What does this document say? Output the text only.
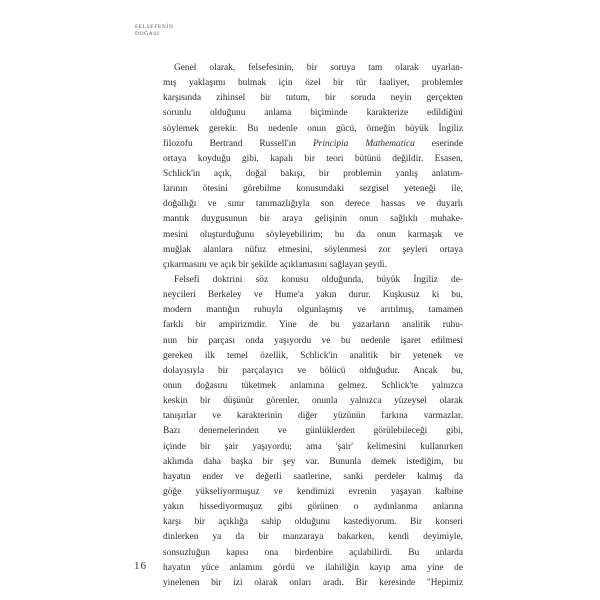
FELSEFENİN
DOĞASI

Genel olarak, felsefesinin, bir soruya tam olarak uyarlan-
mış yaklaşımı bulmak için özel bir tür faaliyet, problemler
karşısında zihinsel bir tutum, bir soruda neyin gerçekten
sorunlu olduğunu anlama biçiminde karakterize edildiğini
söylemek gerekir. Bu nedenle onun gücü, örneğin büyük İngiliz
filozofu Bertrand Russell'ın Principia Mathematica eserinde
ortaya koyduğu gibi, kapalı bir teori bütünü değildir. Esasen,
Schlick'in açık, doğal bakışı, bir problemin yanlış anlatım-
larının ötesini görebilme konusundaki sezgisel yeteneği ile,
doğallığı ve sınır tanımazlığıyla son derece hassas ve duyarlı
mantık duygusunun bir araya gelişinin onun sağlıklı muhake-
mesini oluşturduğunu söyleyebilirim; bu da onun karmaşık ve
muğlak alanlara nüfuz etmesini, söylenmesi zor şeyleri ortaya
çıkarmasını ve açık bir şekilde açıklamasını sağlayan şeydi.

Felsefi doktrini söz konusu olduğunda, büyük İngiliz de-
neycileri Berkeley ve Hume'a yakın durur. Kuşkusuz ki bu,
modern mantığın ruhuyla olgunlaşmış ve arıtılmış, tamamen
farklı bir ampirizmdir. Yine de bu yazarların analitik ruhu-
nun bir parçası onda yaşıyordu ve bu nedenle işaret edilmesi
gereken ilk temel özellik, Schlick'in analitik bir yetenek ve
dolayısıyla bir parçalayıcı ve bölücü olduğudur. Ancak bu,
onun doğasını tüketmek anlamına gelmez. Schlick'te yalnızca
keskin bir düşünür görenler, onunla yalnızca yüzeysel olarak
tanışırlar ve karakterinin diğer yüzünün farkına varmazlar.
Bazı denemelerinden ve günlüklerden görülebileceği gibi,
içinde bir şair yaşıyordu; ama 'şair' kelimesini kullanırken
aklımda daha başka bir şey var. Bununla demek istediğim, bu
hayatın ender ve değerli saatlerine, sanki perdeler kalmış da
göğe yükseliyormuşuz ve kendimizi evrenin yaşayan kalbine
yakın hissediyormuşuz gibi görünen o aydınlanma anlarına
karşı bir açıklığa sahip olduğunu kastediyorum. Bir konseri
dinlerken ya da bir manzaraya bakarken, kendi deyimiyle,
sonsuzluğun kapısı ona birdenbire açılabilirdi. Bu anlarda
hayatın yüce anlamını gördü ve ilahiliğin kayıp ama yine de
yinelenen bir izi olarak onları aradı. Bir keresinde "Hepimiz

16
